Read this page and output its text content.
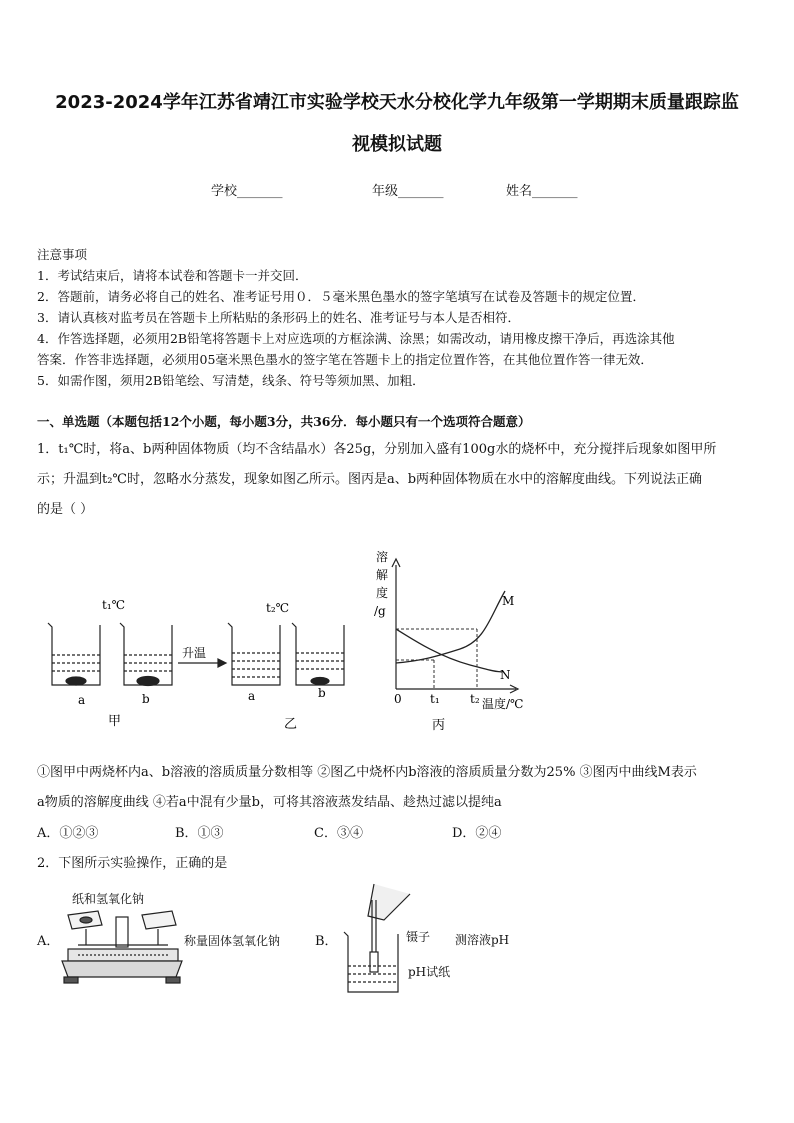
2023-2024学年江苏省靖江市实验学校天水分校化学九年级第一学期期末质量跟踪监
视模拟试题
学校_______	年级_______	姓名_______
注意事项
1．考试结束后，请将本试卷和答题卡一并交回．
2．答题前，请务必将自己的姓名、准考证号用０．５毫米黑色墨水的签字笔填写在试卷及答题卡的规定位置．
3．请认真核对监考员在答题卡上所粘贴的条形码上的姓名、准考证号与本人是否相符．
4．作答选择题，必须用2B铅笔将答题卡上对应选项的方框涂满、涂黑；如需改动，请用橡皮擦干净后，再选涂其他
答案．作答非选择题，必须用05毫米黑色墨水的签字笔在答题卡上的指定位置作答，在其他位置作答一律无效．
5．如需作图，须用2B铅笔绘、写清楚，线条、符号等须加黑、加粗．
一、单选题（本题包括12个小题，每小题3分，共36分．每小题只有一个选项符合题意）
1．t₁℃时，将a、b两种固体物质（均不含结晶水）各25g，分别加入盛有100g水的烧杯中，充分搅拌后现象如图甲所
示；升温到t₂℃时，忽略水分蒸发，现象如图乙所示。图丙是a、b两种固体物质在水中的溶解度曲线。下列说法正确
的是（ ）
t₁℃	t₂℃
升温
a	b	a	b
甲	乙
溶
解
度
/g
0 t₁	t₂ 温度/℃
M
N
丙
①图甲中两烧杯内a、b溶液的溶质质量分数相等 ②图乙中烧杯内b溶液的溶质质量分数为25% ③图丙中曲线M表示
a物质的溶解度曲线 ④若a中混有少量b，可将其溶液蒸发结晶、趁热过滤以提纯a
A．①②③	B．①③	C．③④	D．②④
2．下图所示实验操作，正确的是
A．
纸和氢氧化钠
称量固体氢氧化钠	B．	镊子
pH试纸
测溶液pH
